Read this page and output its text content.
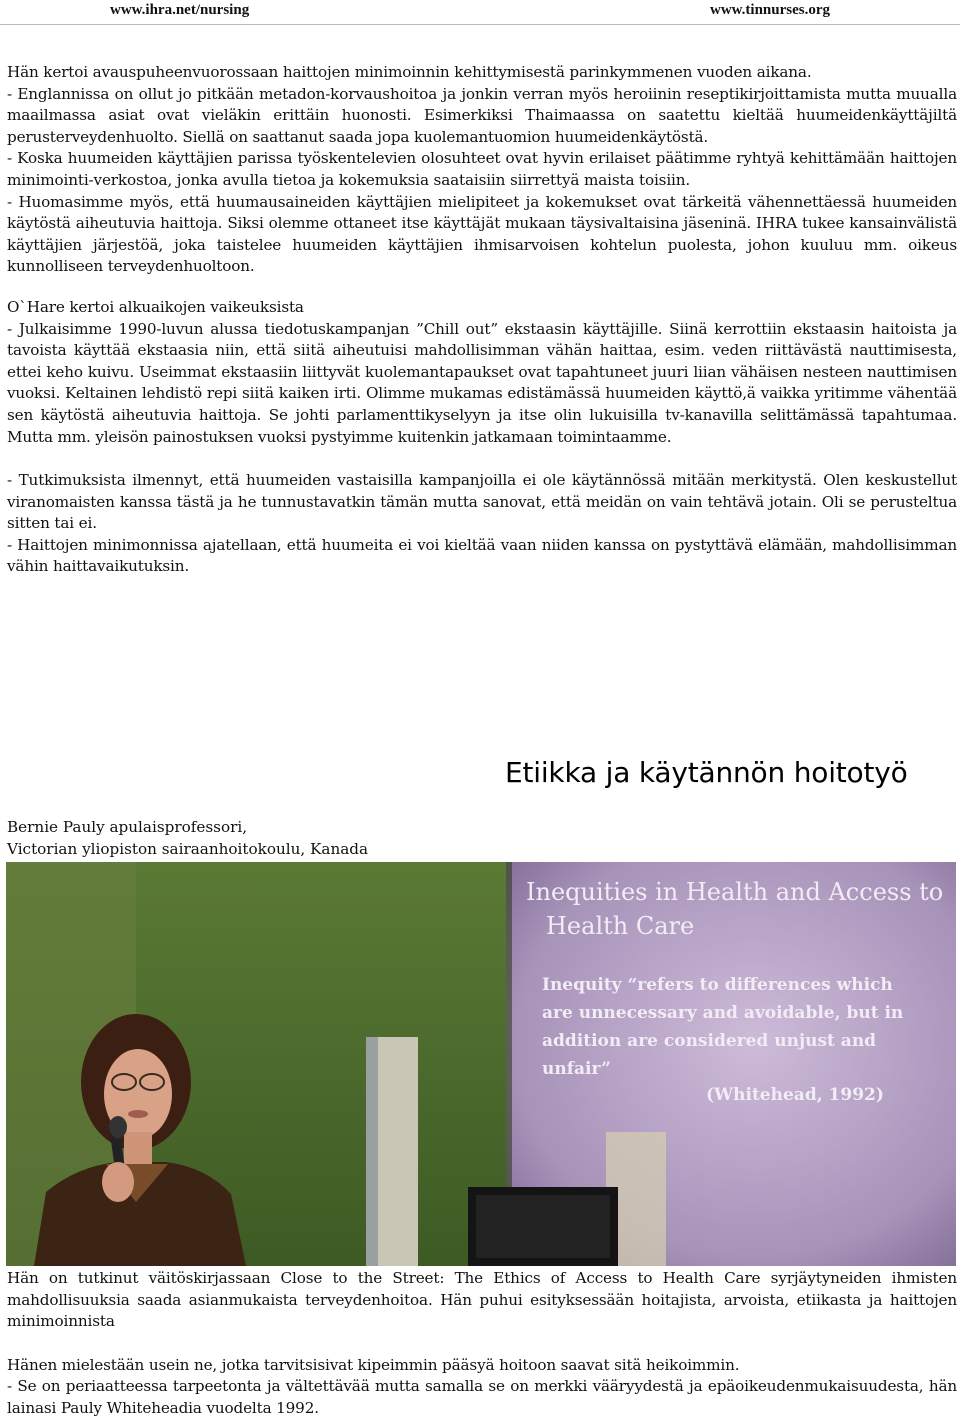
www.ihra.net/nursing	www.tinnurses.org

Hän kertoi avauspuheenvuorossaan haittojen minimoinnin kehittymisestä parinkymmenen vuoden aikana.

- Englannissa on ollut jo pitkään metadon-korvaushoitoa ja jonkin verran myös heroiinin reseptikirjoittamista mutta muualla maailmassa asiat ovat vieläkin erittäin huonosti. Esimerkiksi Thaimaassa on saatettu kieltää huumeidenkäyttäjiltä perusterveydenhuolto. Siellä on saattanut saada jopa kuolemantuomion huumeidenkäytöstä.

- Koska huumeiden käyttäjien parissa työskentelevien olosuhteet ovat hyvin erilaiset päätimme ryhtyä kehittämään haittojen minimointi-verkostoa, jonka avulla tietoa ja kokemuksia saataisiin siirrettyä maista toisiin.

- Huomasimme myös, että huumausaineiden käyttäjien mielipiteet ja kokemukset ovat tärkeitä vähennettäessä huumeiden käytöstä aiheutuvia haittoja. Siksi olemme ottaneet itse käyttäjät mukaan täysivaltaisina jäseninä. IHRA tukee kansainvälistä käyttäjien järjestöä, joka taistelee huumeiden käyttäjien ihmisarvoisen kohtelun puolesta, johon kuuluu mm. oikeus kunnolliseen terveydenhuoltoon.

O`Hare kertoi alkuaikojen vaikeuksista

- Julkaisimme 1990-luvun alussa tiedotuskampanjan ”Chill out” ekstaasin käyttäjille. Siinä kerrottiin ekstaasin haitoista ja tavoista käyttää ekstaasia niin, että siitä aiheutuisi mahdollisimman vähän haittaa, esim. veden riittävästä nauttimisesta, ettei keho kuivu. Useimmat ekstaasiin liittyvät kuolemantapaukset ovat tapahtuneet juuri liian vähäisen nesteen nauttimisen vuoksi. Keltainen lehdistö repi siitä kaiken irti. Olimme mukamas edistämässä huumeiden käyttö,ä vaikka yritimme vähentää sen käytöstä aiheutuvia haittoja. Se johti parlamenttikyselyyn ja itse olin lukuisilla tv-kanavilla selittämässä tapahtumaa. Mutta mm. yleisön painostuksen vuoksi pystyimme kuitenkin jatkamaan toimintaamme.

- Tutkimuksista ilmennyt, että huumeiden vastaisilla kampanjoilla ei ole käytännössä mitään merkitystä. Olen keskustellut viranomaisten kanssa tästä ja he tunnustavatkin tämän mutta sanovat, että meidän on vain tehtävä jotain. Oli se perusteltua sitten tai ei.

- Haittojen minimonnissa ajatellaan, että huumeita ei voi kieltää vaan niiden kanssa on pystyttävä elämään, mahdollisimman vähin haittavaikutuksin.

Etiikka ja käytännön hoitotyö
Bernie Pauly apulaisprofessori,
Victorian yliopiston sairaanhoitokoulu, Kanada
Inequities in Health and Access to
Health Care
Inequity “refers to differences which
are unnecessary and avoidable, but in
addition are considered unjust and
unfair”
(Whitehead, 1992)

Hän on tutkinut väitöskirjassaan Close to the Street: The Ethics of Access to Health Care syrjäytyneiden ihmisten mahdollisuuksia saada asianmukaista terveydenhoitoa. Hän puhui esityksessään hoitajista, arvoista, etiikasta ja haittojen minimoinnista

Hänen mielestään usein ne, jotka tarvitsisivat kipeimmin pääsyä hoitoon saavat sitä heikoimmin.

- Se on periaatteessa tarpeetonta ja vältettävää mutta samalla se on merkki vääryydestä ja epäoikeudenmukaisuudesta, hän lainasi Pauly Whiteheadia vuodelta 1992.
